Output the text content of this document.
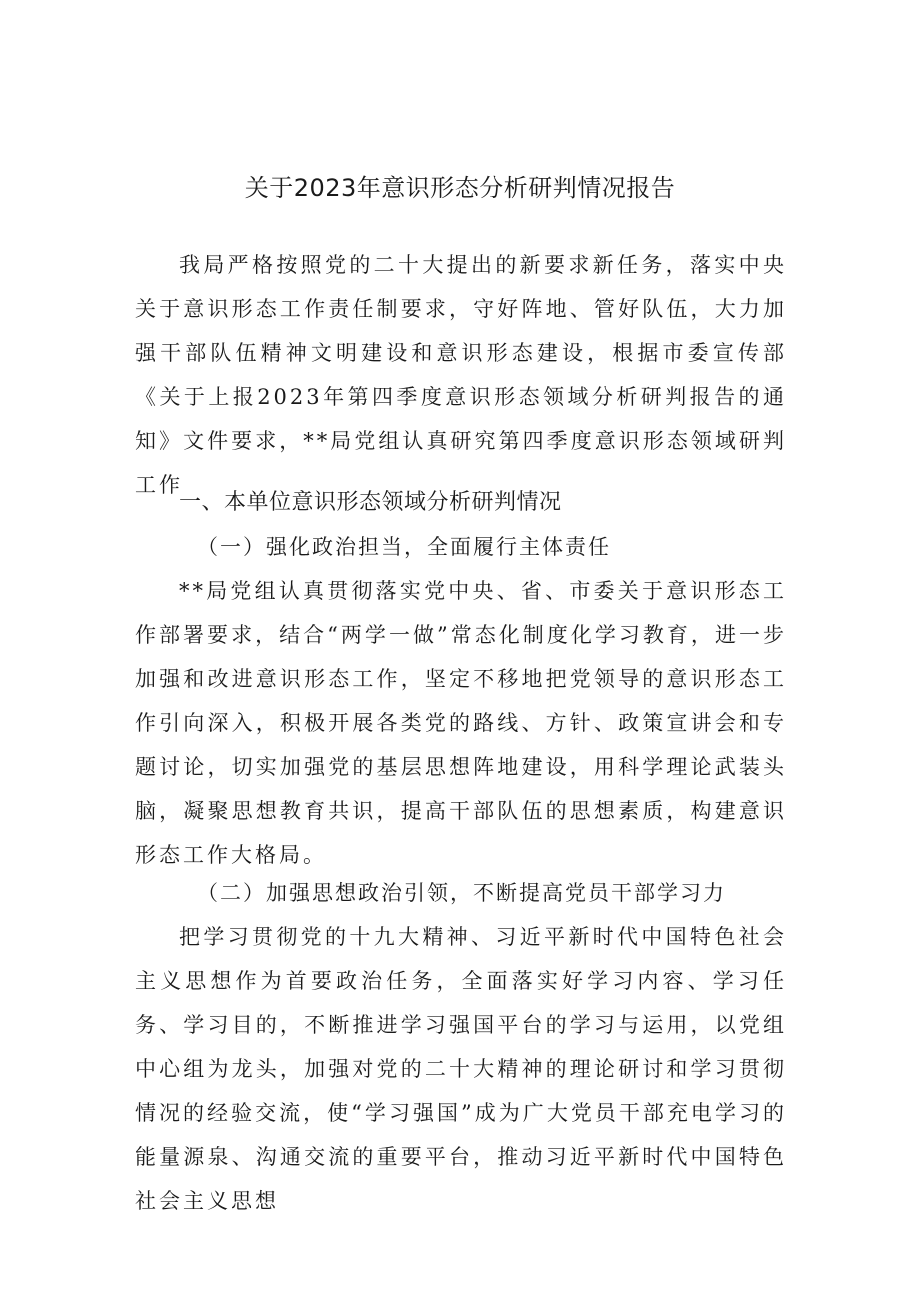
关于2023年意识形态分析研判情况报告

我局严格按照党的二十大提出的新要求新任务，落实中央关于意识形态工作责任制要求，守好阵地、管好队伍，大力加强干部队伍精神文明建设和意识形态建设，根据市委宣传部《关于上报2023年第四季度意识形态领域分析研判报告的通知》文件要求，**局党组认真研究第四季度意识形态领域研判工作

一、本单位意识形态领域分析研判情况
（一）强化政治担当，全面履行主体责任

**局党组认真贯彻落实党中央、省、市委关于意识形态工作部署要求，结合“两学一做”常态化制度化学习教育，进一步加强和改进意识形态工作，坚定不移地把党领导的意识形态工作引向深入，积极开展各类党的路线、方针、政策宣讲会和专题讨论，切实加强党的基层思想阵地建设，用科学理论武装头脑，凝聚思想教育共识，提高干部队伍的思想素质，构建意识形态工作大格局。

（二）加强思想政治引领，不断提高党员干部学习力

把学习贯彻党的十九大精神、习近平新时代中国特色社会主义思想作为首要政治任务，全面落实好学习内容、学习任务、学习目的，不断推进学习强国平台的学习与运用，以党组中心组为龙头，加强对党的二十大精神的理论研讨和学习贯彻情况的经验交流，使“学习强国”成为广大党员干部充电学习的能量源泉、沟通交流的重要平台，推动习近平新时代中国特色社会主义思想
